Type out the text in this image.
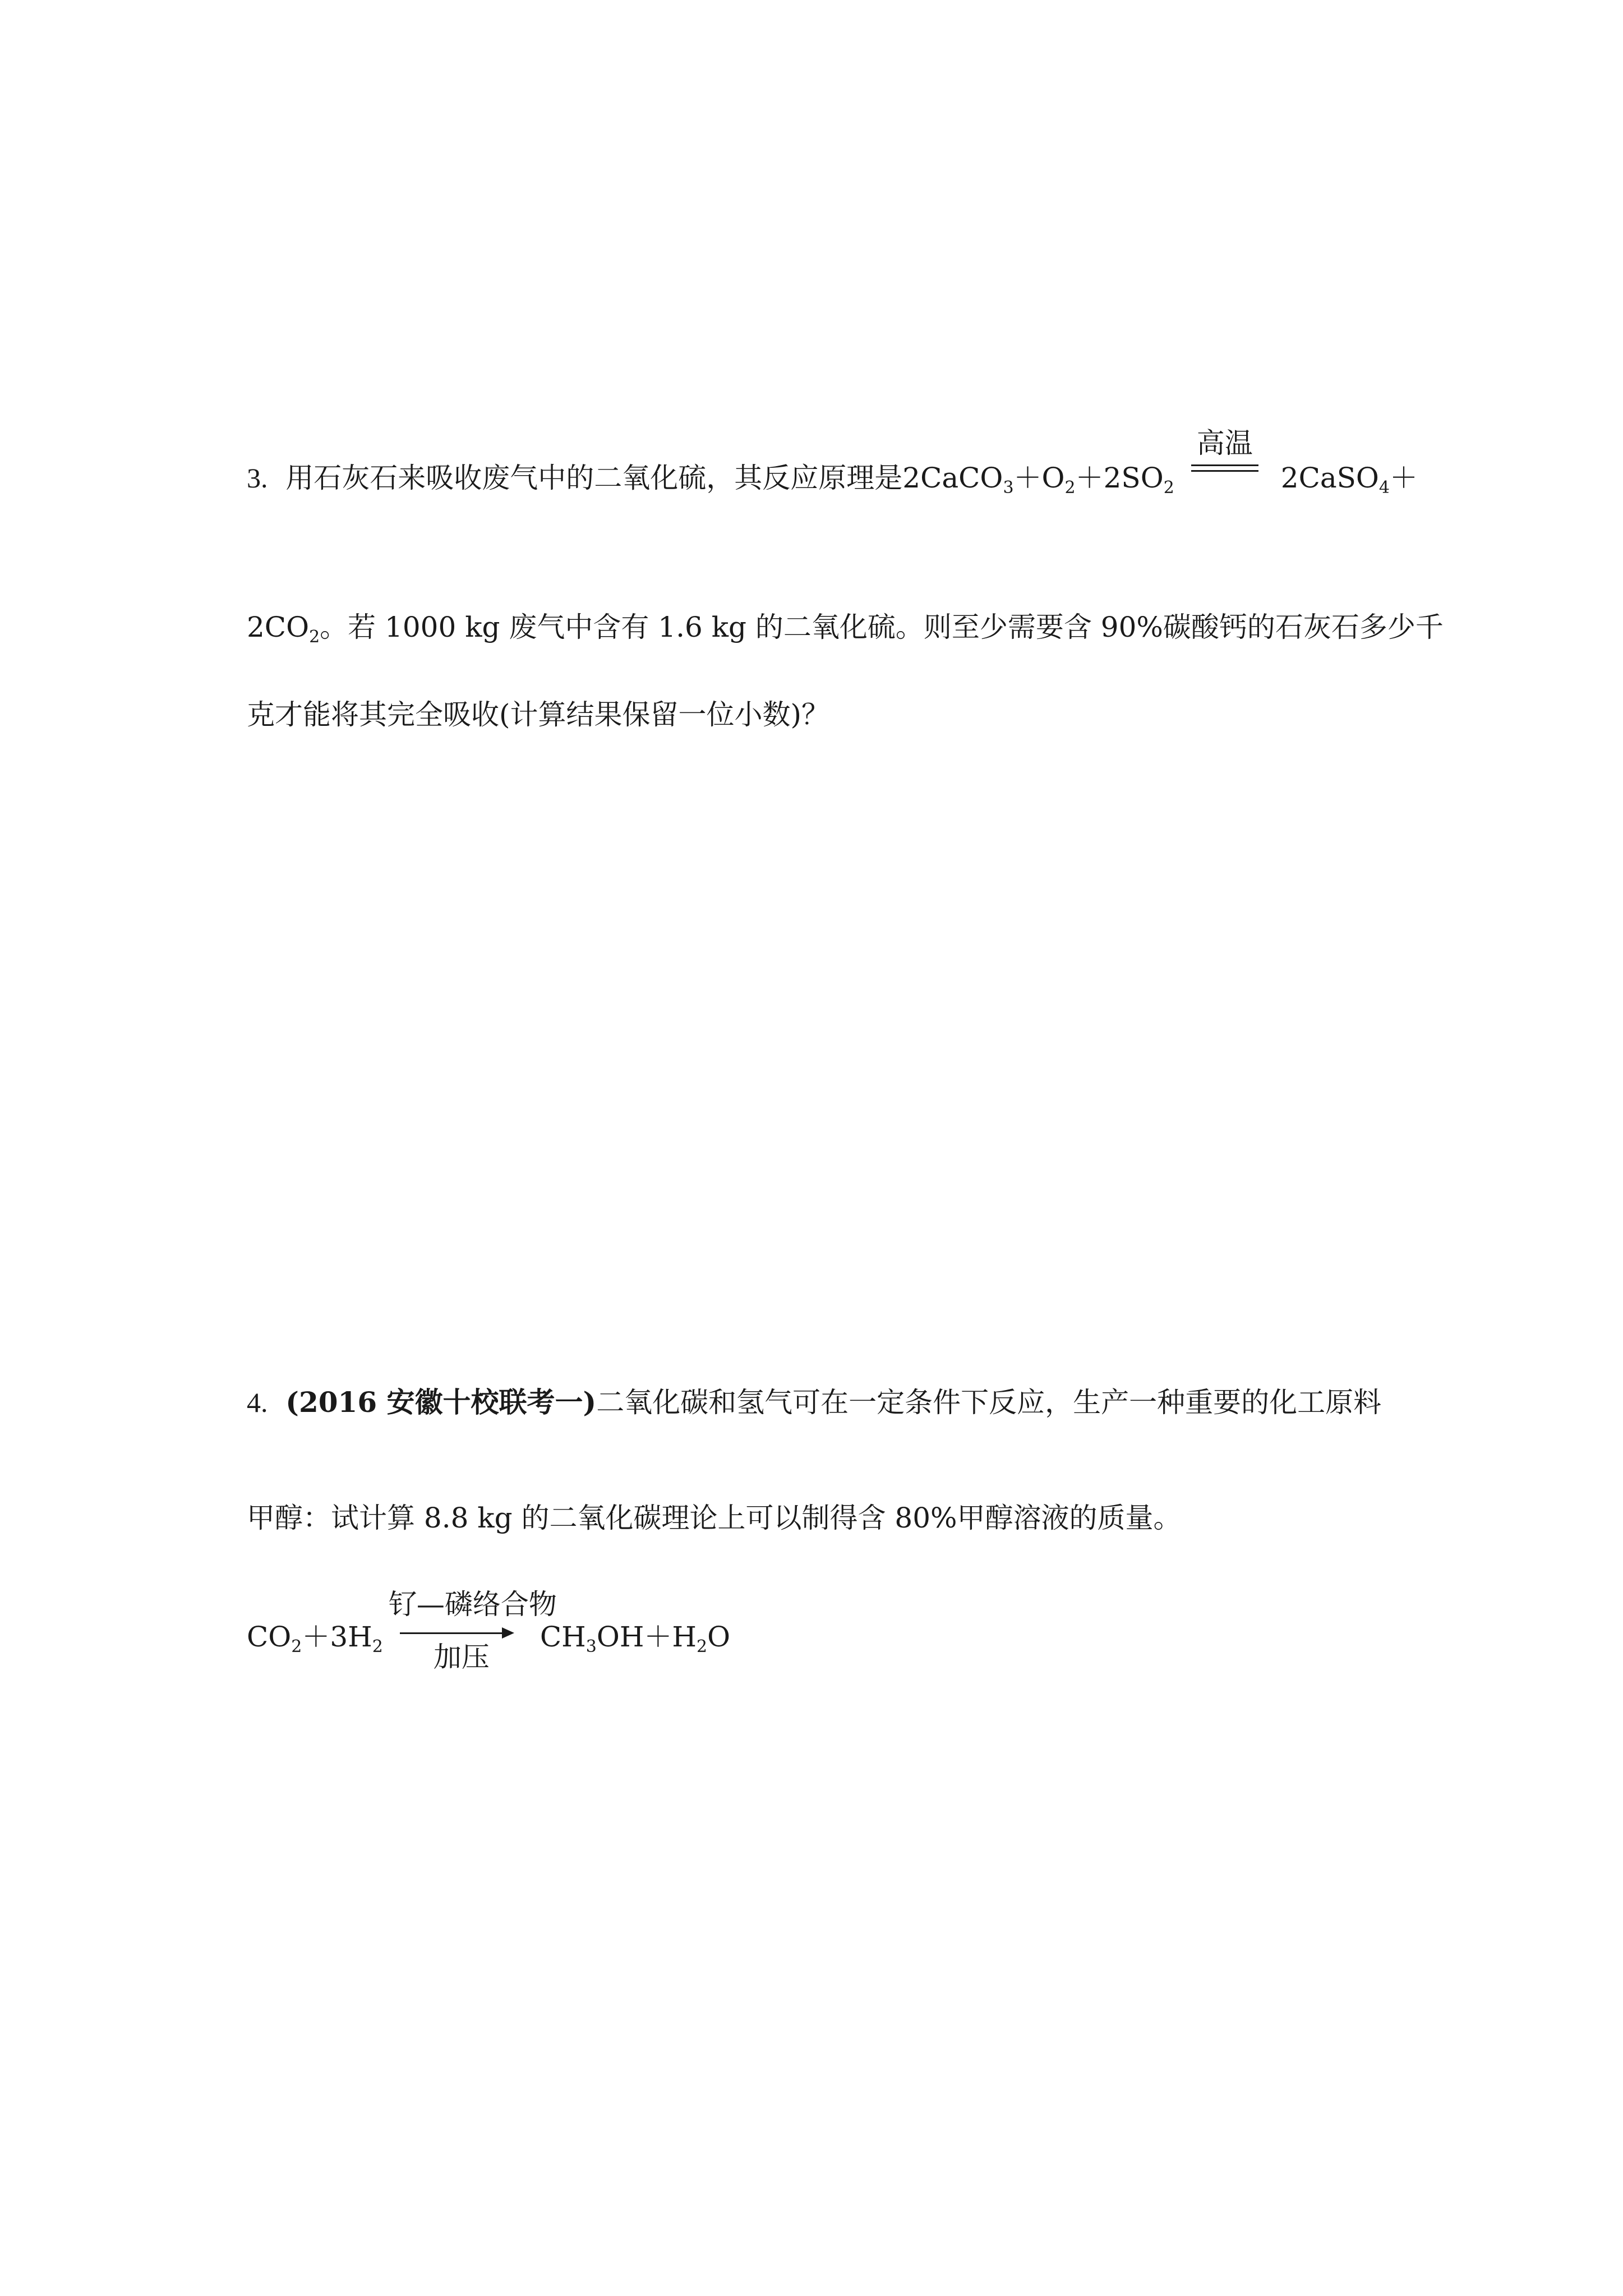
3. 用石灰石来吸收废气中的二氧化硫，其反应原理是$2CaCO_3+O_2+2SO_2$
高温
2CaSO$_4$＋
$2CO_2$。若 1000 kg 废气中含有 1.6 kg 的二氧化硫。则至少需要含 90%碳酸钙的石灰石多少千
克才能将其完全吸收(计算结果保留一位小数)？
4. (2016 安徽十校联考一)二氧化碳和氢气可在一定条件下反应，生产一种重要的化工原料
甲醇：试计算 8.8 kg 的二氧化碳理论上可以制得含 80%甲醇溶液的质量。
$CO_2+3H_2$
钌—磷络合物
加压
$CH_3OH+H_2O$
